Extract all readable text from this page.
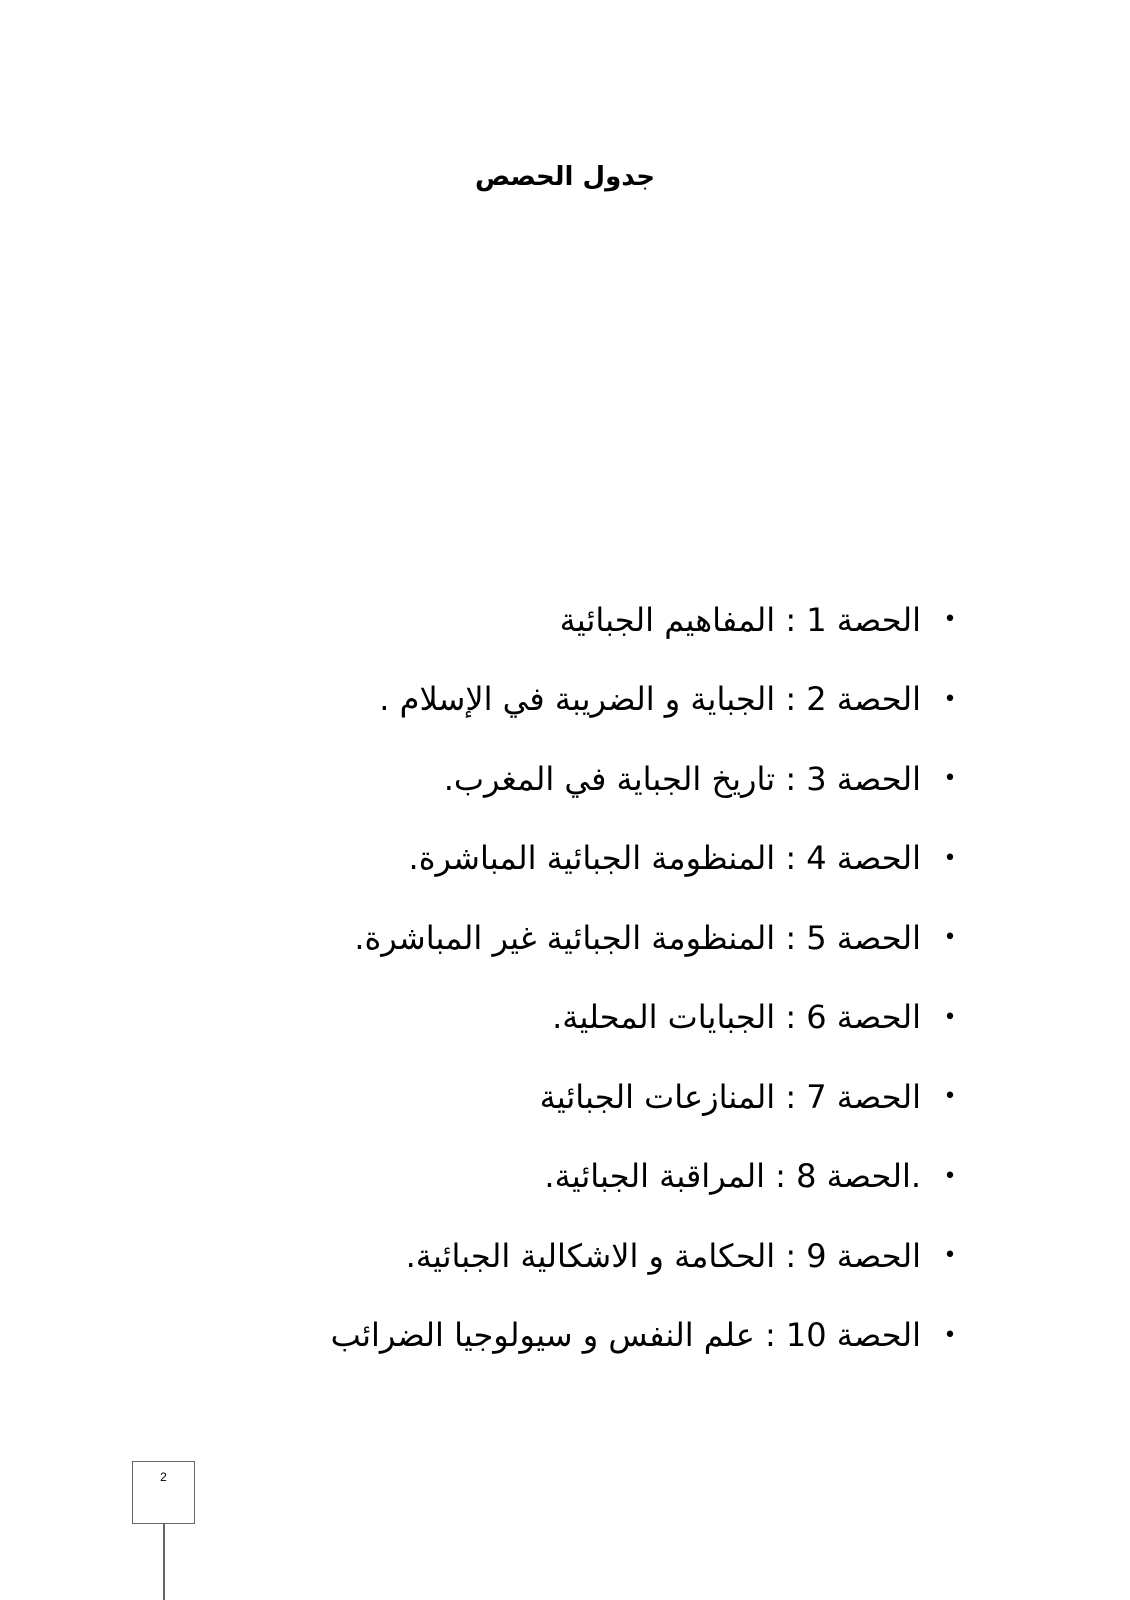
جدول الحصص
•
الحصة 1 : المفاهيم الجبائية
•
الحصة 2 : الجباية و الضريبة في الإسلام .
•
الحصة 3 : تاريخ الجباية في المغرب.
•
الحصة 4 : المنظومة الجبائية المباشرة.
•
الحصة 5 : المنظومة الجبائية غير المباشرة.
•
الحصة 6 : الجبايات المحلية.
•
الحصة 7 : المنازعات الجبائية
•
.الحصة 8 : المراقبة الجبائية.
•
الحصة 9 : الحكامة و الاشكالية الجبائية.
•
الحصة 10 : علم النفس و سيولوجيا الضرائب
2
